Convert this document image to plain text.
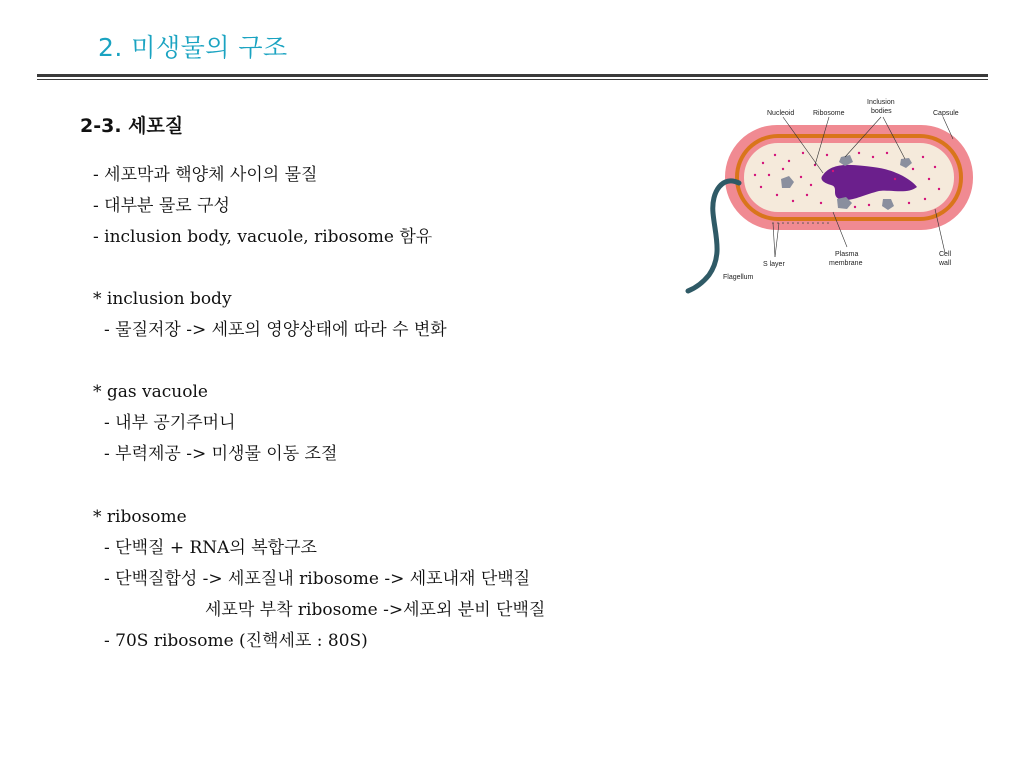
2. 미생물의 구조
2-3. 세포질
- 세포막과 핵양체 사이의 물질
- 대부분 물로 구성
- inclusion body, vacuole, ribosome 함유
* inclusion body
- 물질저장 -> 세포의 영양상태에 따라 수 변화
* gas vacuole
- 내부 공기주머니
- 부력제공 -> 미생물 이동 조절
* ribosome
- 단백질 + RNA의 복합구조
- 단백질합성 -> 세포질내 ribosome -> 세포내재 단백질
세포막 부착 ribosome ->세포외 분비 단백질
- 70S ribosome (진핵세포 : 80S)
Nucleoid	Ribosome
Inclusion
bodies	Capsule
Flagellum
S layer
Plasma
membrane
Cell
wall
